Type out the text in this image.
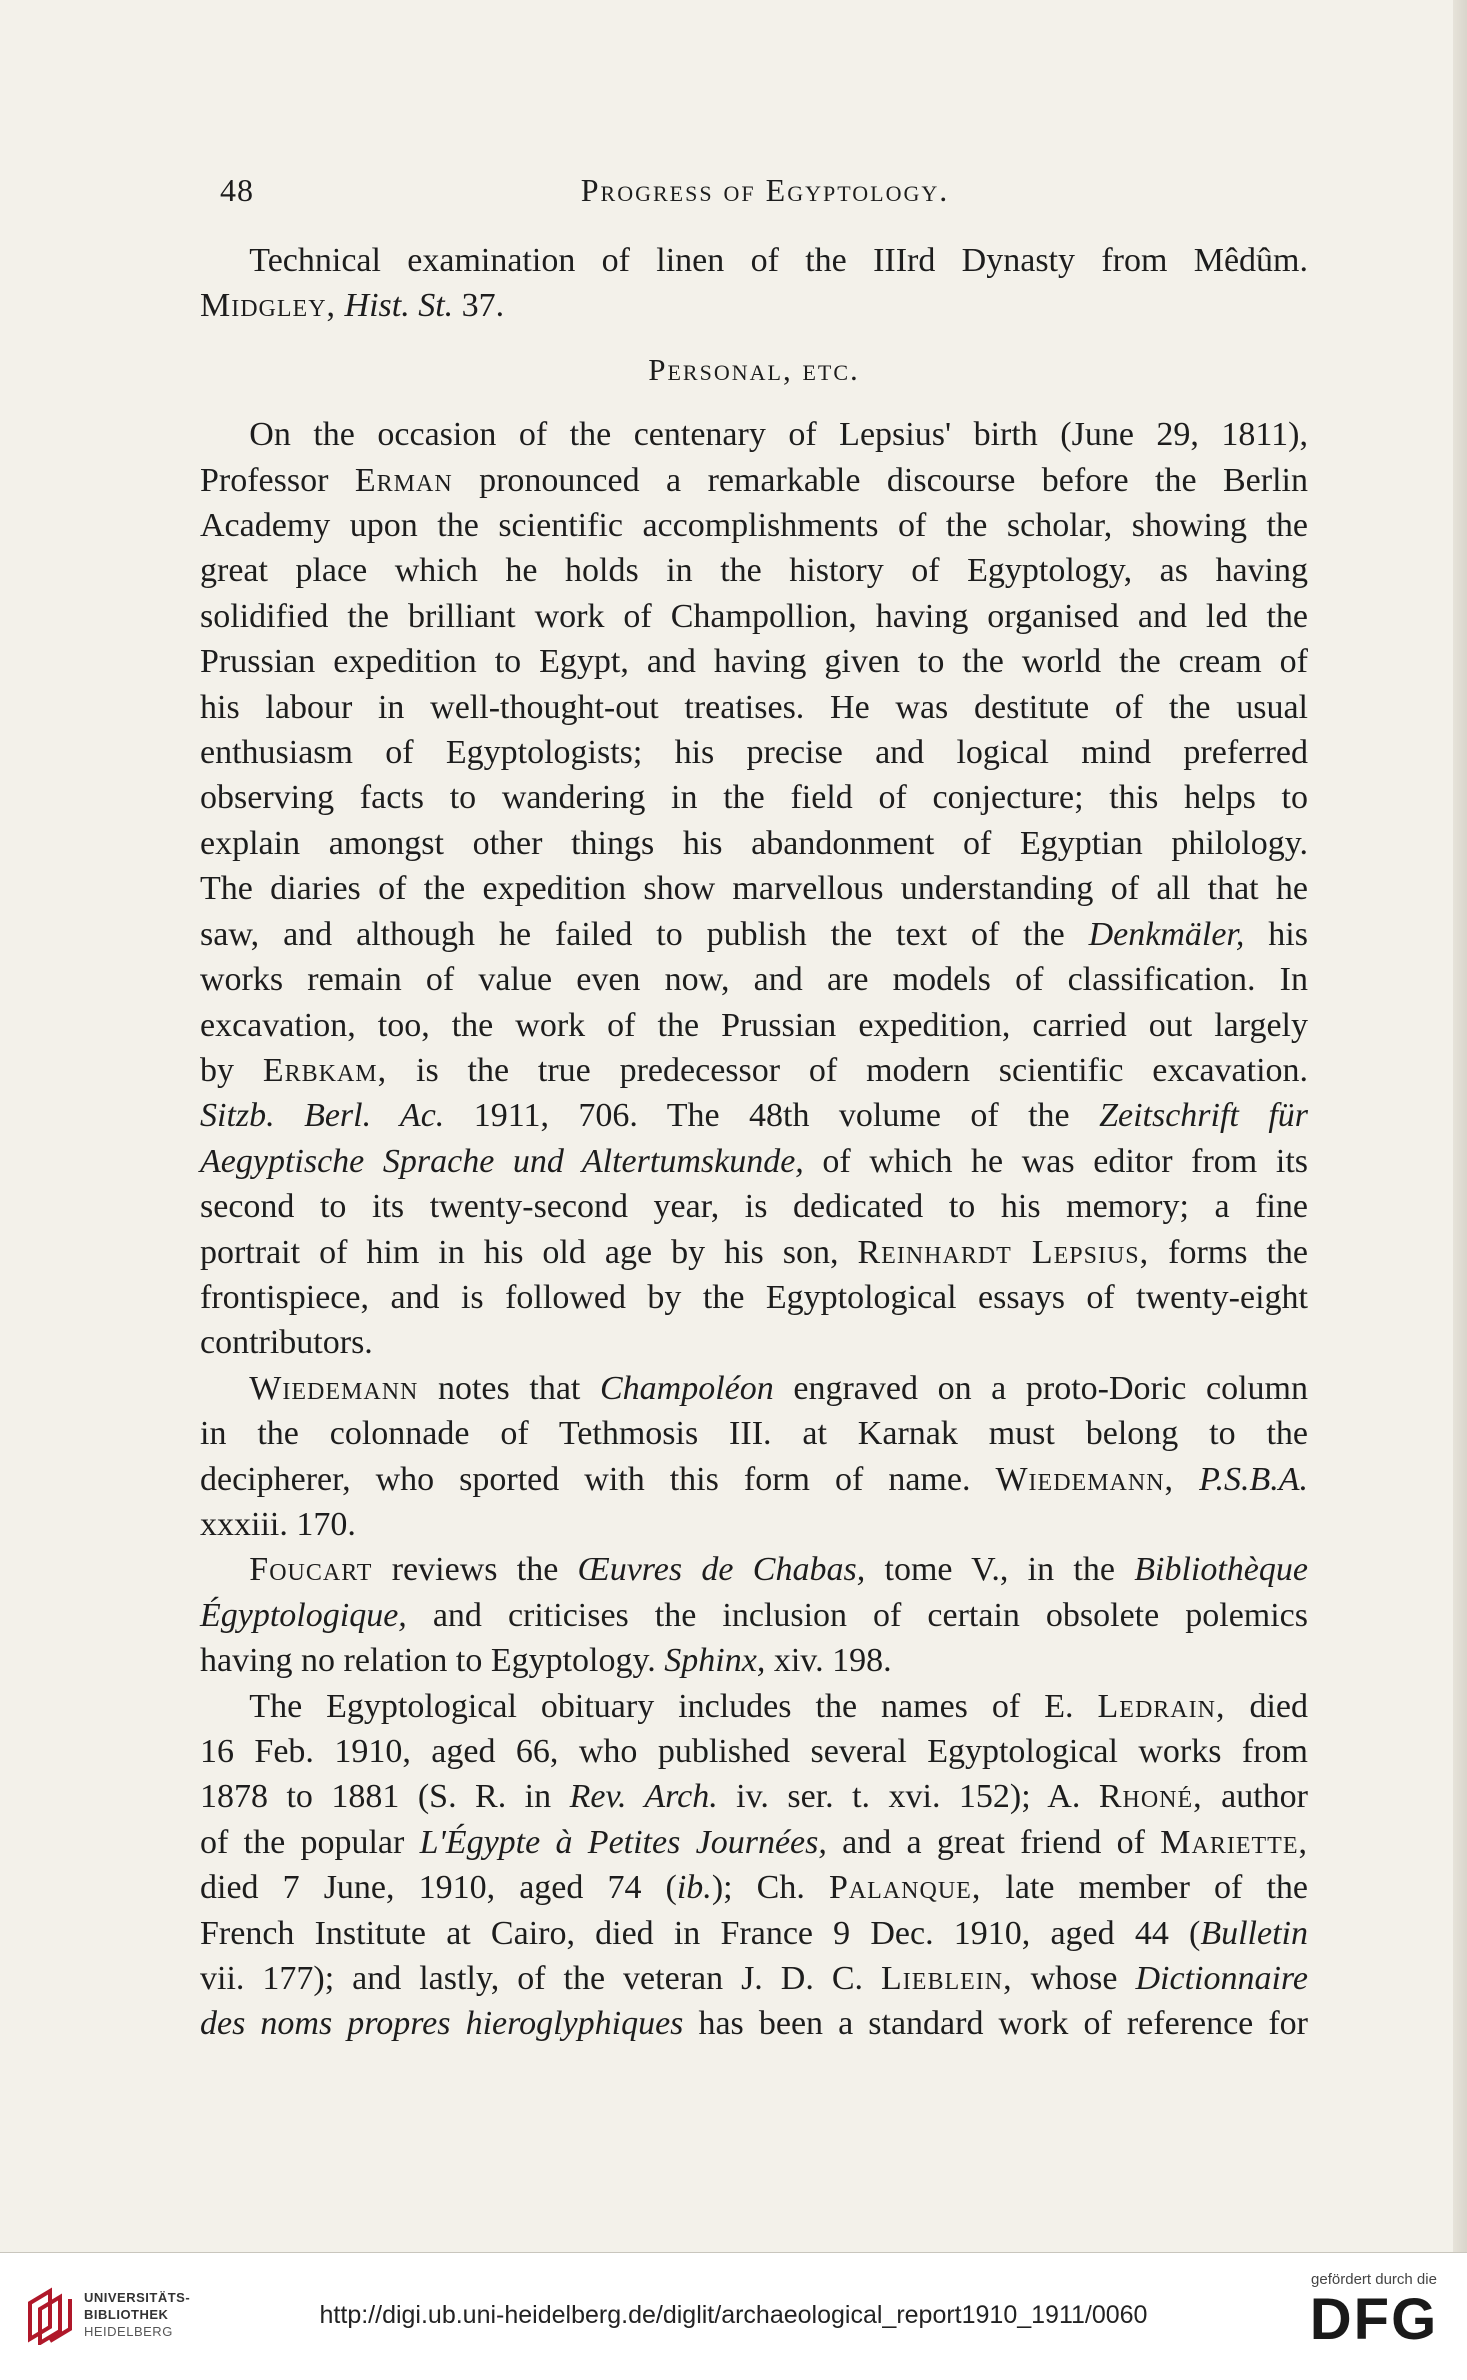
48	Progress of Egyptology.

Technical examination of linen of the IIIrd Dynasty from Mêdûm.
Midgley, Hist. St. 37.

Personal, etc.

On the occasion of the centenary of Lepsius' birth (June 29, 1811),
Professor Erman pronounced a remarkable discourse before the Berlin
Academy upon the scientific accomplishments of the scholar, showing the
great place which he holds in the history of Egyptology, as having
solidified the brilliant work of Champollion, having organised and led the
Prussian expedition to Egypt, and having given to the world the cream of
his labour in well-thought-out treatises. He was destitute of the usual
enthusiasm of Egyptologists; his precise and logical mind preferred
observing facts to wandering in the field of conjecture; this helps to
explain amongst other things his abandonment of Egyptian philology.
The diaries of the expedition show marvellous understanding of all that he
saw, and although he failed to publish the text of the Denkmäler, his
works remain of value even now, and are models of classification. In
excavation, too, the work of the Prussian expedition, carried out largely
by Erbkam, is the true predecessor of modern scientific excavation.
Sitzb. Berl. Ac. 1911, 706. The 48th volume of the Zeitschrift für
Aegyptische Sprache und Altertumskunde, of which he was editor from its
second to its twenty-second year, is dedicated to his memory; a fine
portrait of him in his old age by his son, Reinhardt Lepsius, forms the
frontispiece, and is followed by the Egyptological essays of twenty-eight
contributors.

Wiedemann notes that Champoléon engraved on a proto-Doric column
in the colonnade of Tethmosis III. at Karnak must belong to the
decipherer, who sported with this form of name. Wiedemann, P.S.B.A.
xxxiii. 170.

Foucart reviews the Œuvres de Chabas, tome V., in the Bibliothèque
Égyptologique, and criticises the inclusion of certain obsolete polemics
having no relation to Egyptology. Sphinx, xiv. 198.

The Egyptological obituary includes the names of E. Ledrain, died
16 Feb. 1910, aged 66, who published several Egyptological works from
1878 to 1881 (S. R. in Rev. Arch. iv. ser. t. xvi. 152); A. Rhoné, author
of the popular L'Égypte à Petites Journées, and a great friend of Mariette,
died 7 June, 1910, aged 74 (ib.); Ch. Palanque, late member of the
French Institute at Cairo, died in France 9 Dec. 1910, aged 44 (Bulletin
vii. 177); and lastly, of the veteran J. D. C. Lieblein, whose Dictionnaire
des noms propres hieroglyphiques has been a standard work of reference for

UNIVERSITÄTS-
BIBLIOTHEK
HEIDELBERG
http://digi.ub.uni-heidelberg.de/diglit/archaeological_report1910_1911/0060
gefördert durch die
DFG
